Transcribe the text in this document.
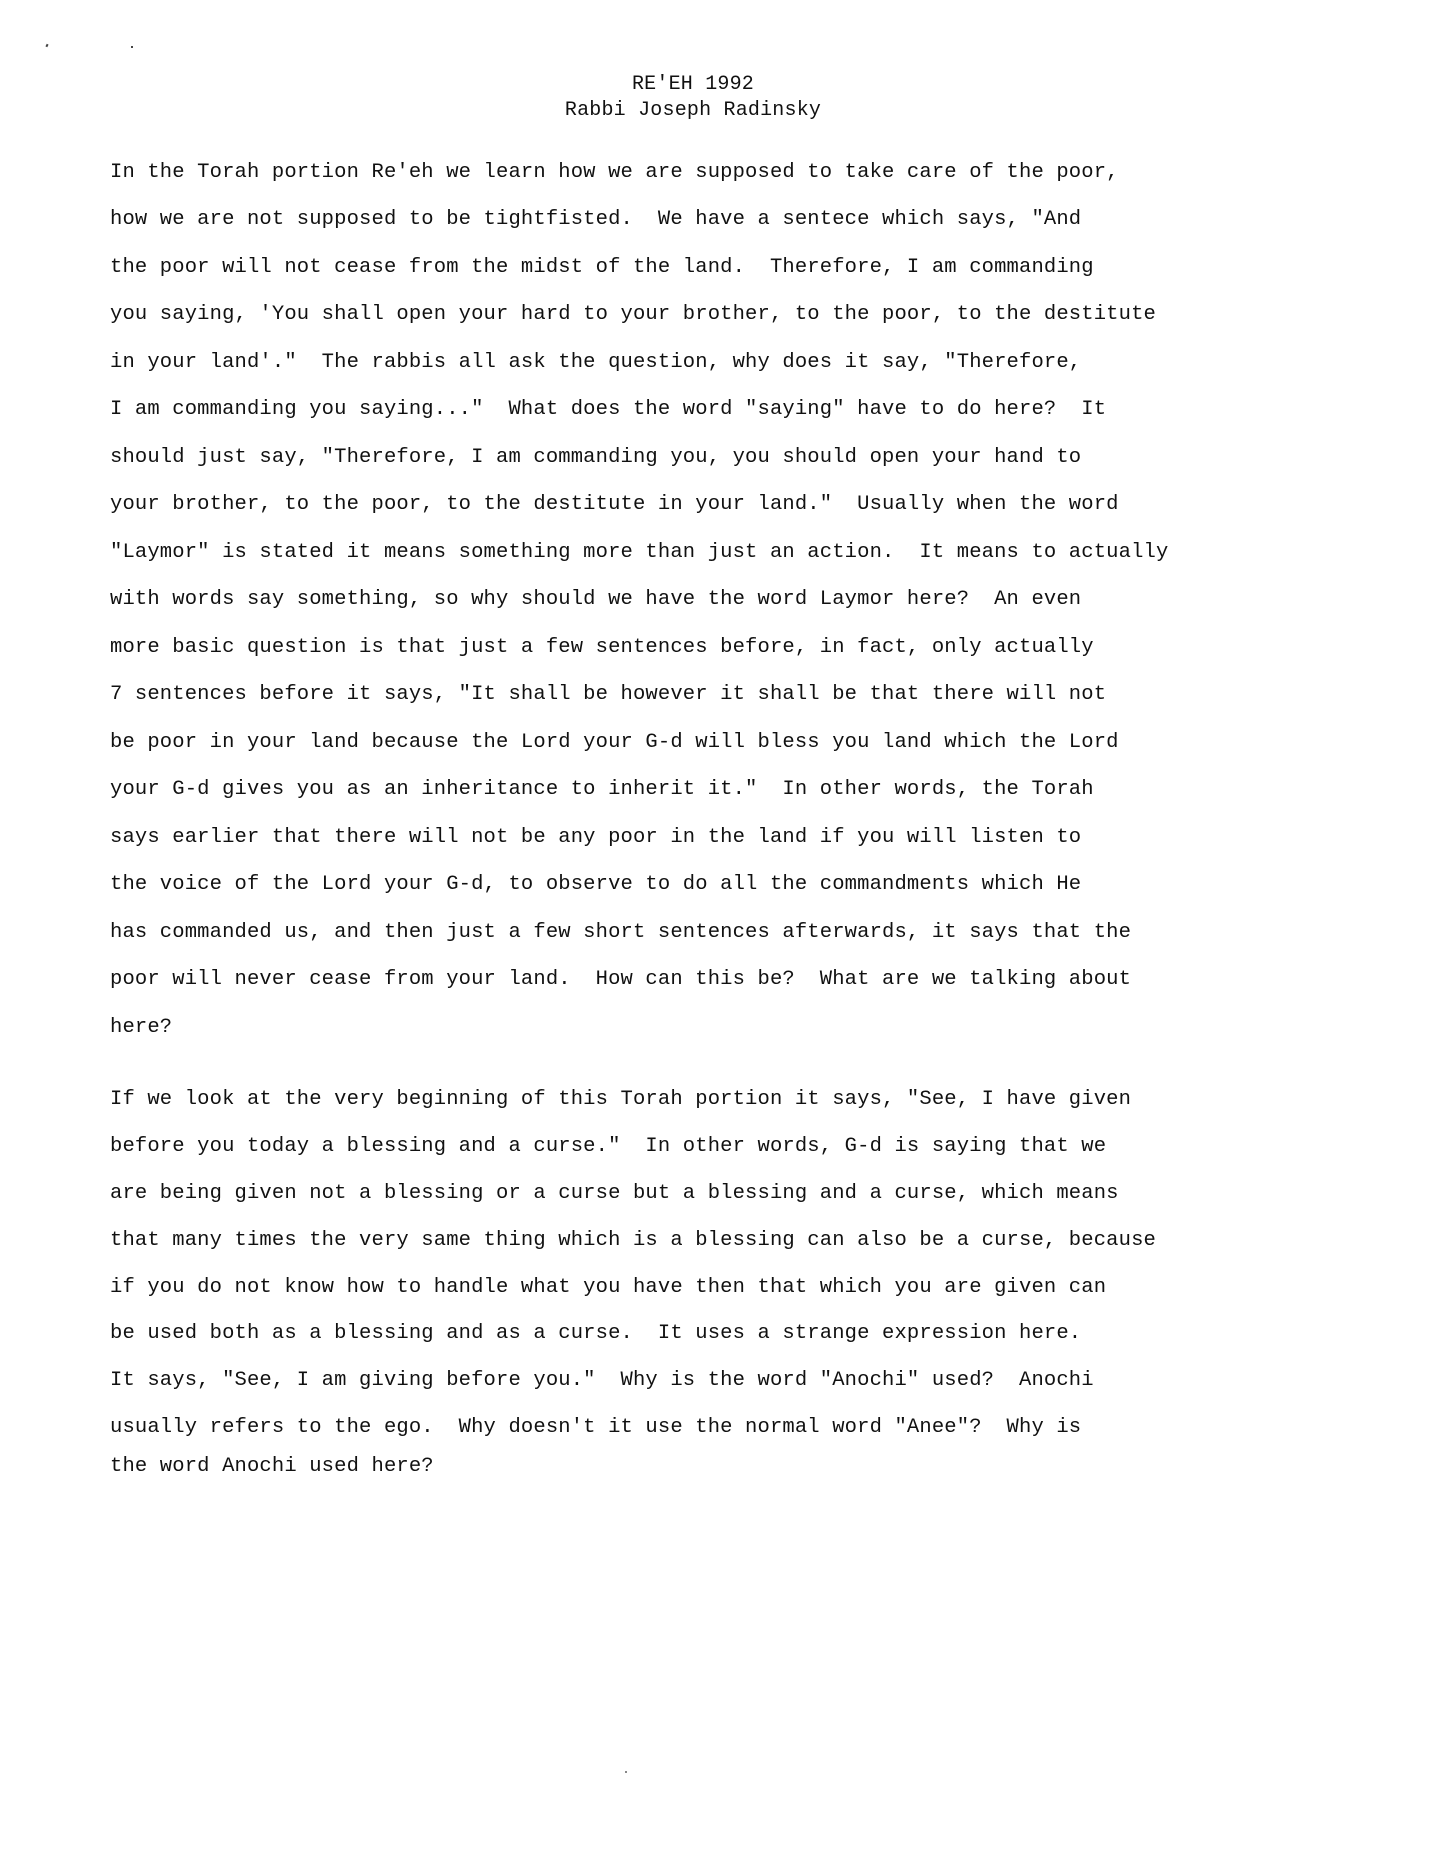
RE'EH 1992
Rabbi Joseph Radinsky
In the Torah portion Re'eh we learn how we are supposed to take care of the poor,
how we are not supposed to be tightfisted.  We have a sentece which says, "And
the poor will not cease from the midst of the land.  Therefore, I am commanding
you saying, 'You shall open your hard to your brother, to the poor, to the destitute
in your land'."  The rabbis all ask the question, why does it say, "Therefore,
I am commanding you saying..."  What does the word "saying" have to do here?  It
should just say, "Therefore, I am commanding you, you should open your hand to
your brother, to the poor, to the destitute in your land."  Usually when the word
"Laymor" is stated it means something more than just an action.  It means to actually
with words say something, so why should we have the word Laymor here?  An even
more basic question is that just a few sentences before, in fact, only actually
7 sentences before it says, "It shall be however it shall be that there will not
be poor in your land because the Lord your G-d will bless you land which the Lord
your G-d gives you as an inheritance to inherit it."  In other words, the Torah
says earlier that there will not be any poor in the land if you will listen to
the voice of the Lord your G-d, to observe to do all the commandments which He
has commanded us, and then just a few short sentences afterwards, it says that the
poor will never cease from your land.  How can this be?  What are we talking about
here?
If we look at the very beginning of this Torah portion it says, "See, I have given
before you today a blessing and a curse."  In other words, G-d is saying that we
are being given not a blessing or a curse but a blessing and a curse, which means
that many times the very same thing which is a blessing can also be a curse, because
if you do not know how to handle what you have then that which you are given can
be used both as a blessing and as a curse.  It uses a strange expression here.
It says, "See, I am giving before you."  Why is the word "Anochi" used?  Anochi
usually refers to the ego.  Why doesn't it use the normal word "Anee"?  Why is
the word Anochi used here?
